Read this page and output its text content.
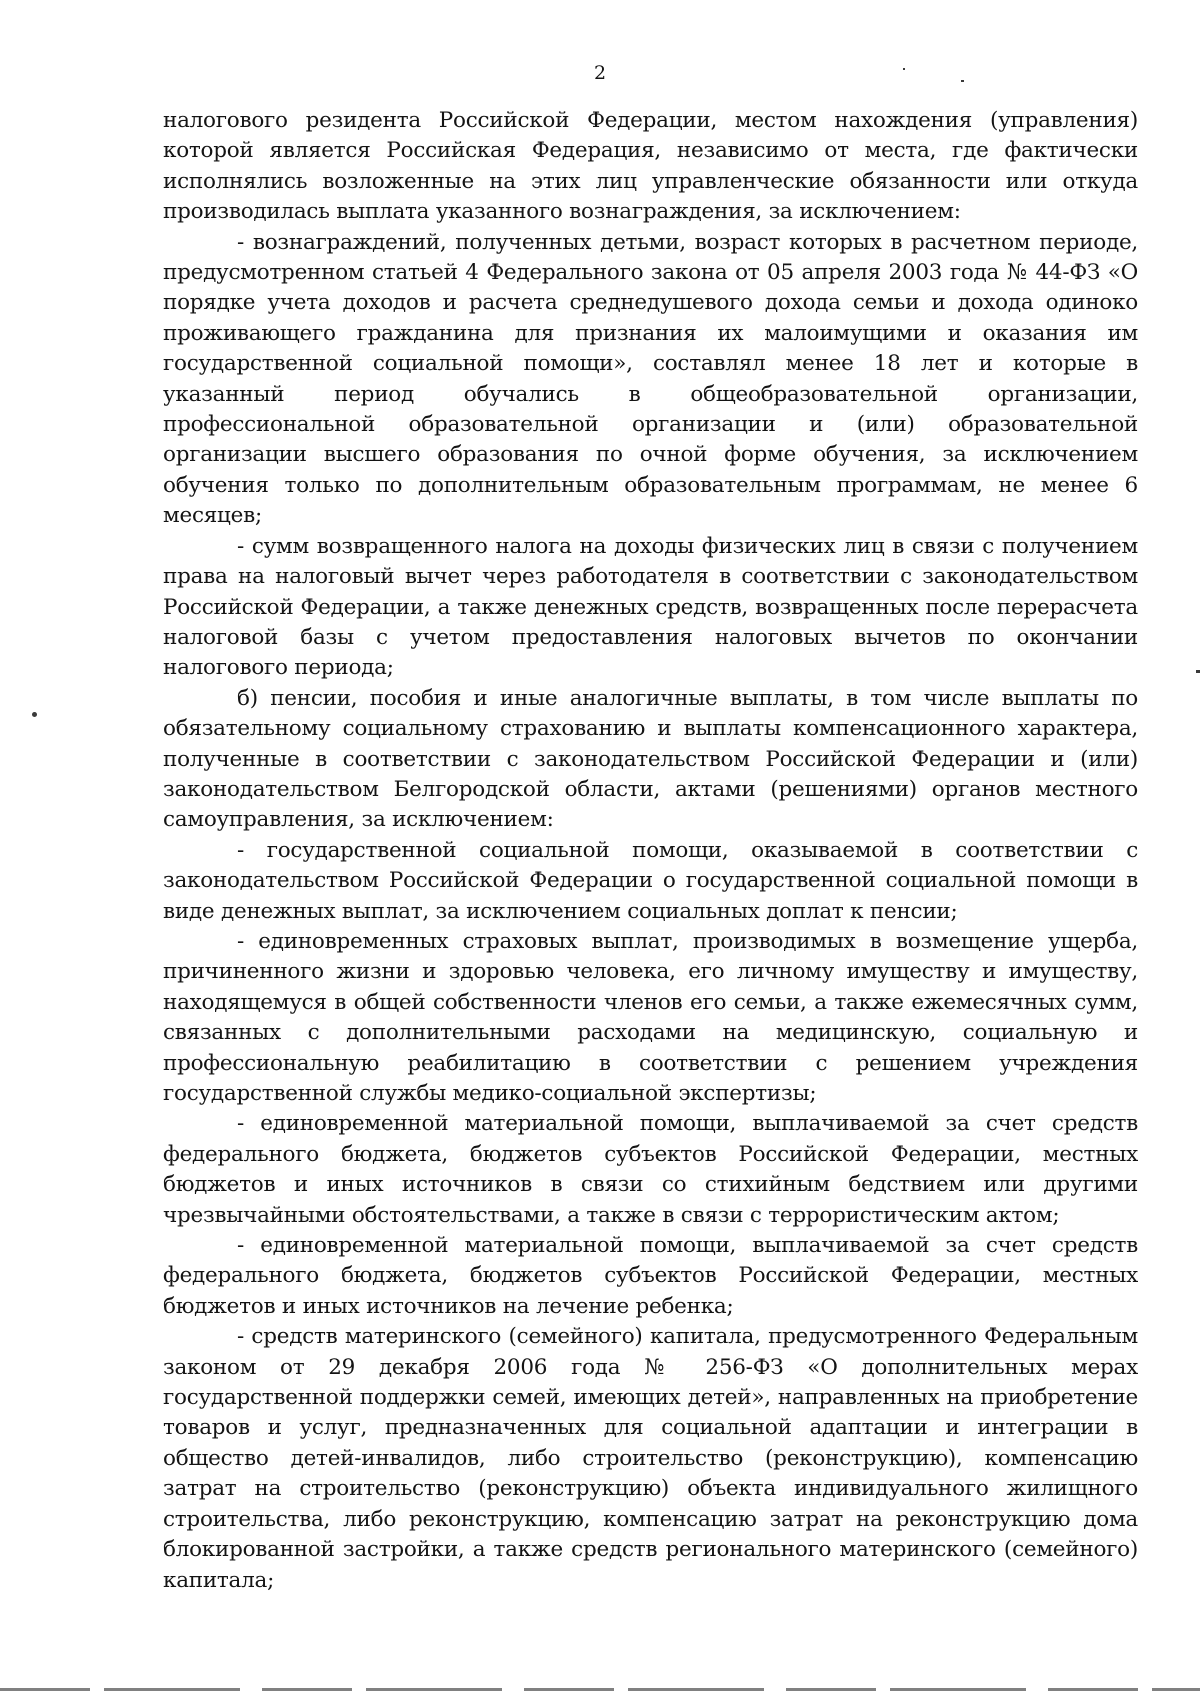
2

налогового резидента Российской Федерации, местом нахождения (управления) которой является Российская Федерация, независимо от места, где фактически исполнялись возложенные на этих лиц управленческие обязанности или откуда производилась выплата указанного вознаграждения, за исключением:

- вознаграждений, полученных детьми, возраст которых в расчетном периоде, предусмотренном статьей 4 Федерального закона от 05 апреля 2003 года № 44-ФЗ «О порядке учета доходов и расчета среднедушевого дохода семьи и дохода одиноко проживающего гражданина для признания их малоимущими и оказания им государственной социальной помощи», составлял менее 18 лет и которые в указанный период обучались в общеобразовательной организации, профессиональной образовательной организации и (или) образовательной организации высшего образования по очной форме обучения, за исключением обучения только по дополнительным образовательным программам, не менее 6 месяцев;

- сумм возвращенного налога на доходы физических лиц в связи с получением права на налоговый вычет через работодателя в соответствии с законодательством Российской Федерации, а также денежных средств, возвращенных после перерасчета налоговой базы с учетом предоставления налоговых вычетов по окончании налогового периода;

б) пенсии, пособия и иные аналогичные выплаты, в том числе выплаты по обязательному социальному страхованию и выплаты компенсационного характера, полученные в соответствии с законодательством Российской Федерации и (или) законодательством Белгородской области, актами (решениями) органов местного самоуправления, за исключением:

- государственной социальной помощи, оказываемой в соответствии с законодательством Российской Федерации о государственной социальной помощи в виде денежных выплат, за исключением социальных доплат к пенсии;

- единовременных страховых выплат, производимых в возмещение ущерба, причиненного жизни и здоровью человека, его личному имуществу и имуществу, находящемуся в общей собственности членов его семьи, а также ежемесячных сумм, связанных с дополнительными расходами на медицинскую, социальную и профессиональную реабилитацию в соответствии с решением учреждения государственной службы медико-социальной экспертизы;

- единовременной материальной помощи, выплачиваемой за счет средств федерального бюджета, бюджетов субъектов Российской Федерации, местных бюджетов и иных источников в связи со стихийным бедствием или другими чрезвычайными обстоятельствами, а также в связи с террористическим актом;

- единовременной материальной помощи, выплачиваемой за счет средств федерального бюджета, бюджетов субъектов Российской Федерации, местных бюджетов и иных источников на лечение ребенка;

- средств материнского (семейного) капитала, предусмотренного Федеральным законом от 29 декабря 2006 года № 256-ФЗ «О дополнительных мерах государственной поддержки семей, имеющих детей», направленных на приобретение товаров и услуг, предназначенных для социальной адаптации и интеграции в общество детей-инвалидов, либо строительство (реконструкцию), компенсацию затрат на строительство (реконструкцию) объекта индивидуального жилищного строительства, либо реконструкцию, компенсацию затрат на реконструкцию дома блокированной застройки, а также средств регионального материнского (семейного) капитала;
